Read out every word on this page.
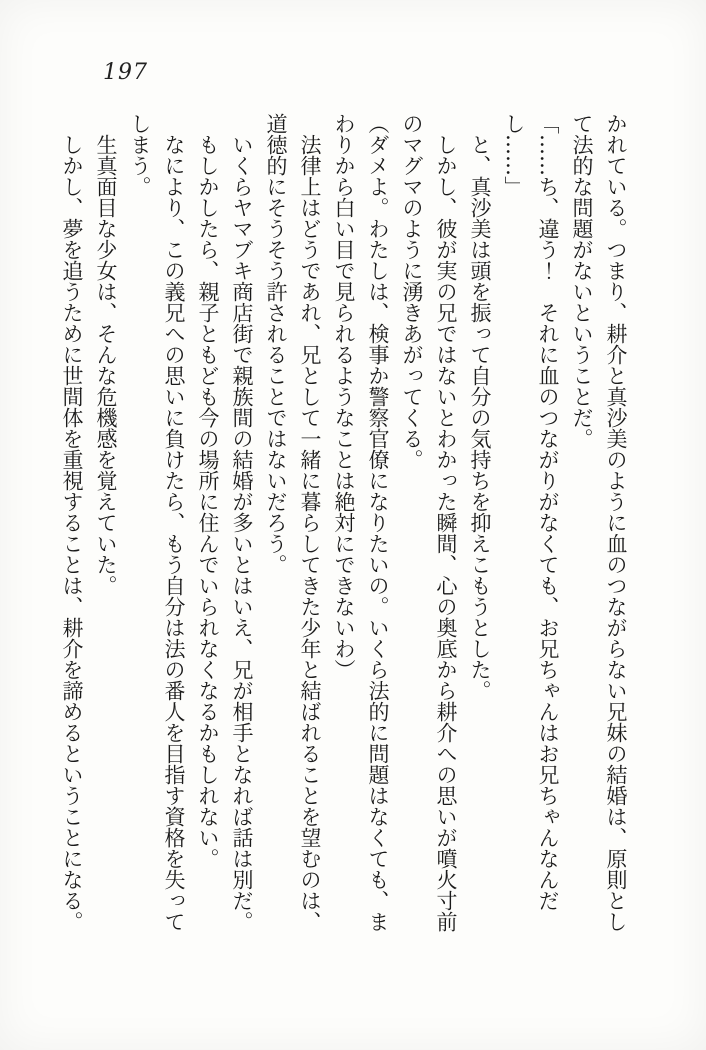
197

かれている。つまり、耕介と真沙美のように血のつながらない兄妹の結婚は、原則として法的な問題がないということだ。

「……ち、違う！　それに血のつながりがなくても、お兄ちゃんはお兄ちゃんなんだし……」

と、真沙美は頭を振って自分の気持ちを抑えこもうとした。

しかし、彼が実の兄ではないとわかった瞬間、心の奥底から耕介への思いが噴火寸前のマグマのように湧きあがってくる。

（ダメよ。わたしは、検事か警察官僚になりたいの。いくら法的に問題はなくても、まわりから白い目で見られるようなことは絶対にできないわ）

法律上はどうであれ、兄として一緒に暮らしてきた少年と結ばれることを望むのは、道徳的にそうそう許されることではないだろう。

いくらヤマブキ商店街で親族間の結婚が多いとはいえ、兄が相手となれば話は別だ。

もしかしたら、親子ともども今の場所に住んでいられなくなるかもしれない。

なにより、この義兄への思いに負けたら、もう自分は法の番人を目指す資格を失ってしまう。

生真面目な少女は、そんな危機感を覚えていた。

しかし、夢を追うために世間体を重視することは、耕介を諦めるということになる。
